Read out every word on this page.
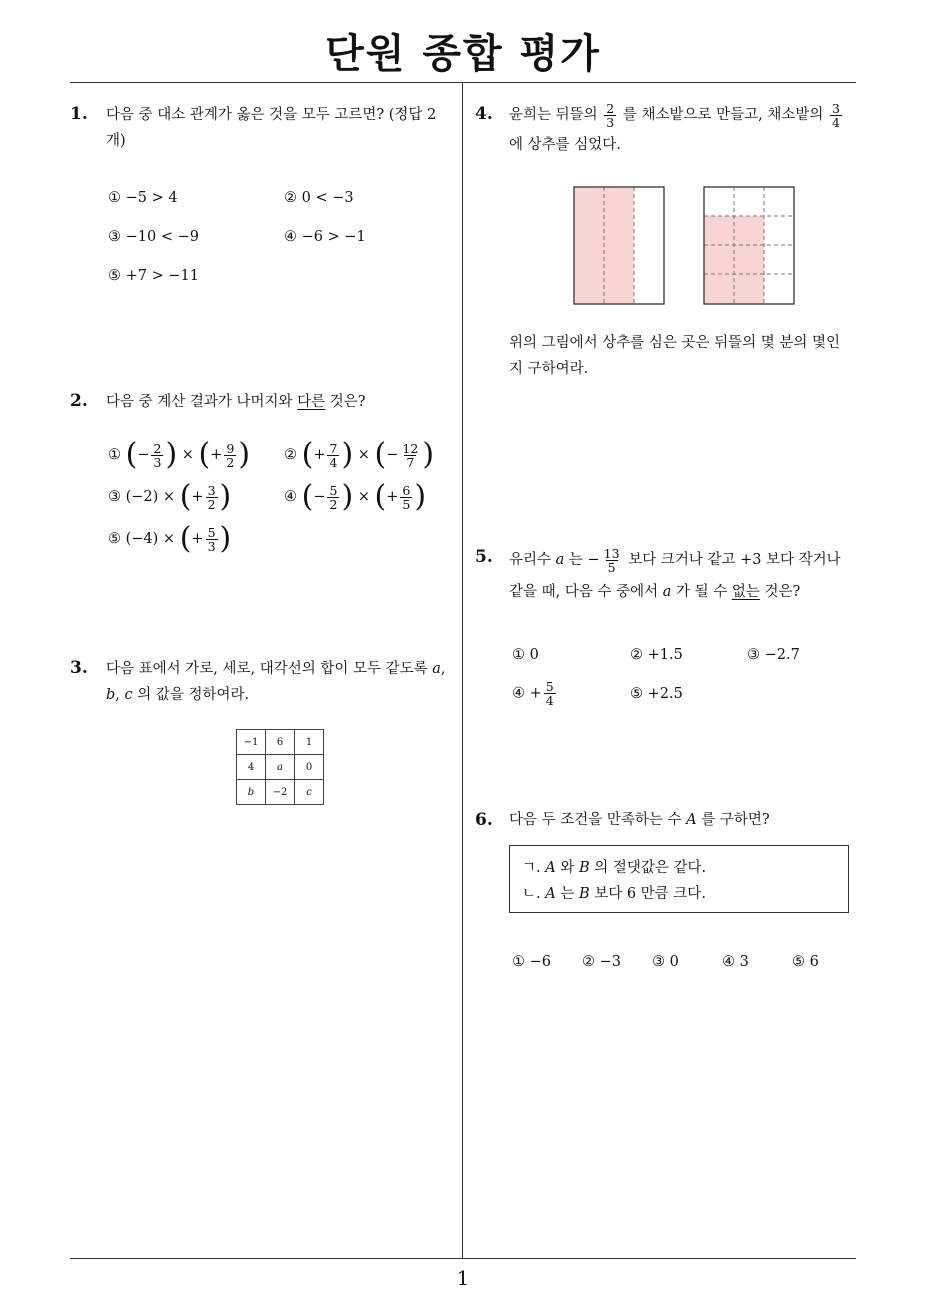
단원 종합 평가
1
1. 다음 중 대소 관계가 옳은 것을 모두 고르면? (정답 2
개)
① −5 > 4	② 0 < −3
③ −10 < −9	④ −6 > −1
⑤ +7 > −11
2. 다음 중 계산 결과가 나머지와 다른 것은?
① (− $\frac{2}{3}$ ) × (+ $\frac{9}{2}$ ) ② (+ $\frac{7}{4}$ ) × (− $\frac{12}{7}$ )
③ (−2) × (+ $\frac{3}{2}$ )	④ (− $\frac{5}{2}$ ) × (+ $\frac{6}{5}$ )
⑤ (−4) × (+ $\frac{5}{3}$ )
3. 다음 표에서 가로, 세로, 대각선의 합이 모두 같도록 a,
b, c 의 값을 정하여라.
−1	6	1
4	a	0
b	−2	c
4. 윤희는 뒤뜰의 $\frac{2}{3}$ 를 채소밭으로 만들고, 채소밭의 $\frac{3}{4}$
에 상추를 심었다.
위의 그림에서 상추를 심은 곳은 뒤뜰의 몇 분의 몇인
지 구하여라.
5. 유리수 a 는 − $\frac{13}{5}$ 보다 크거나 같고 +3 보다 작거나
같을 때, 다음 수 중에서 a 가 될 수 없는 것은?
① 0	② +1.5	③ −2.7
④ + $\frac{5}{4}$	⑤ +2.5
6. 다음 두 조건을 만족하는 수 A 를 구하면?
ㄱ. A 와 B 의 절댓값은 같다.
ㄴ. A 는 B 보다 6 만큼 크다.
① −6 ② −3 ③ 0	④ 3	⑤ 6
